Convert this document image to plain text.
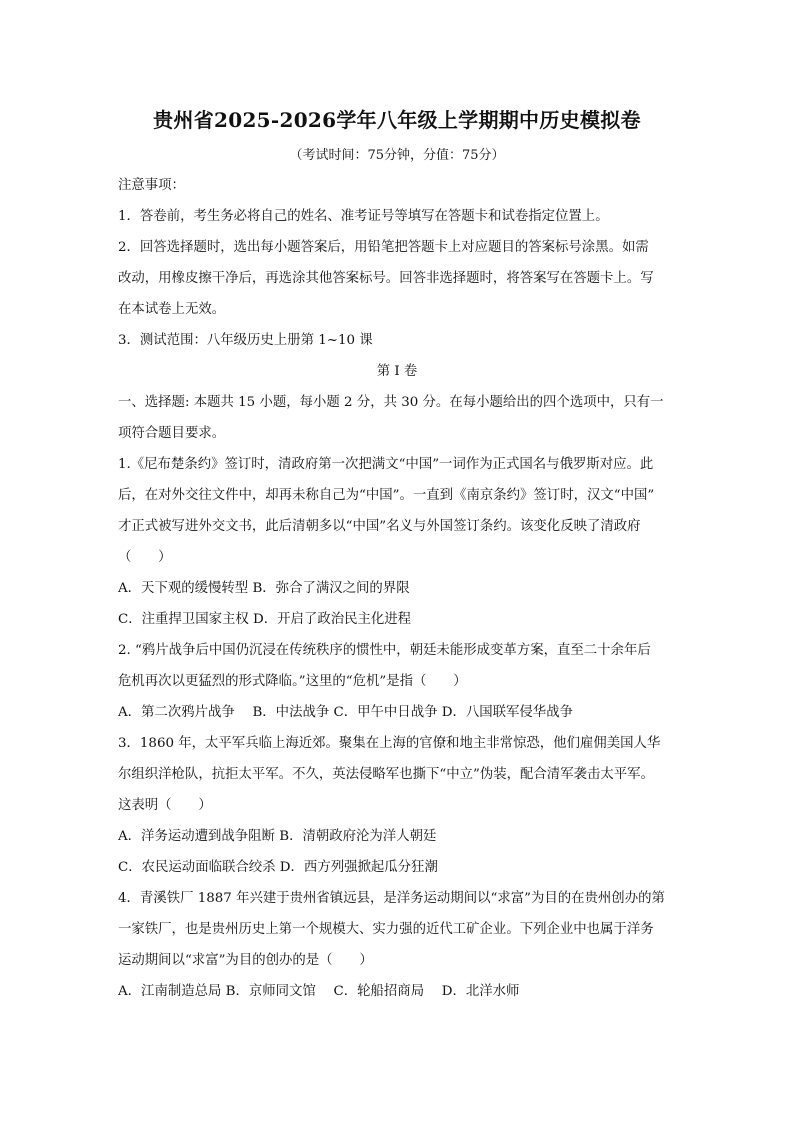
贵州省2025-2026学年八年级上学期期中历史模拟卷
（考试时间：75分钟，分值：75分）
注意事项：
1．答卷前，考生务必将自己的姓名、准考证号等填写在答题卡和试卷指定位置上。
2．回答选择题时，选出每小题答案后，用铅笔把答题卡上对应题目的答案标号涂黑。如需
改动，用橡皮擦干净后，再选涂其他答案标号。回答非选择题时，将答案写在答题卡上。写
在本试卷上无效。
3．测试范围：八年级历史上册第 1~10 课
第 I 卷
一、选择题: 本题共 15 小题，每小题 2 分，共 30 分。在每小题给出的四个选项中，只有一
项符合题目要求。
1.《尼布楚条约》签订时，清政府第一次把满文“中国”一词作为正式国名与俄罗斯对应。此
后，在对外交往文件中，却再未称自己为“中国”。一直到《南京条约》签订时，汉文“中国”
才正式被写进外交文书，此后清朝多以“中国”名义与外国签订条约。该变化反映了清政府
（　　）
A．天下观的缓慢转型 B．弥合了满汉之间的界限
C．注重捍卫国家主权 D．开启了政治民主化进程
2. “鸦片战争后中国仍沉浸在传统秩序的惯性中，朝廷未能形成变革方案，直至二十余年后
危机再次以更猛烈的形式降临。”这里的“危机”是指（　　）
A．第二次鸦片战争　 B．中法战争 C．甲午中日战争 D．八国联军侵华战争
3．1860 年，太平军兵临上海近郊。聚集在上海的官僚和地主非常惊恐，他们雇佣美国人华
尔组织洋枪队，抗拒太平军。不久，英法侵略军也撕下“中立”伪装，配合清军袭击太平军。
这表明（　　）
A．洋务运动遭到战争阻断 B．清朝政府沦为洋人朝廷
C．农民运动面临联合绞杀 D．西方列强掀起瓜分狂潮
4．青溪铁厂 1887 年兴建于贵州省镇远县，是洋务运动期间以“求富”为目的在贵州创办的第
一家铁厂，也是贵州历史上第一个规模大、实力强的近代工矿企业。下列企业中也属于洋务
运动期间以“求富”为目的创办的是（　　）
A．江南制造总局 B．京师同文馆　 C．轮船招商局　 D．北洋水师
